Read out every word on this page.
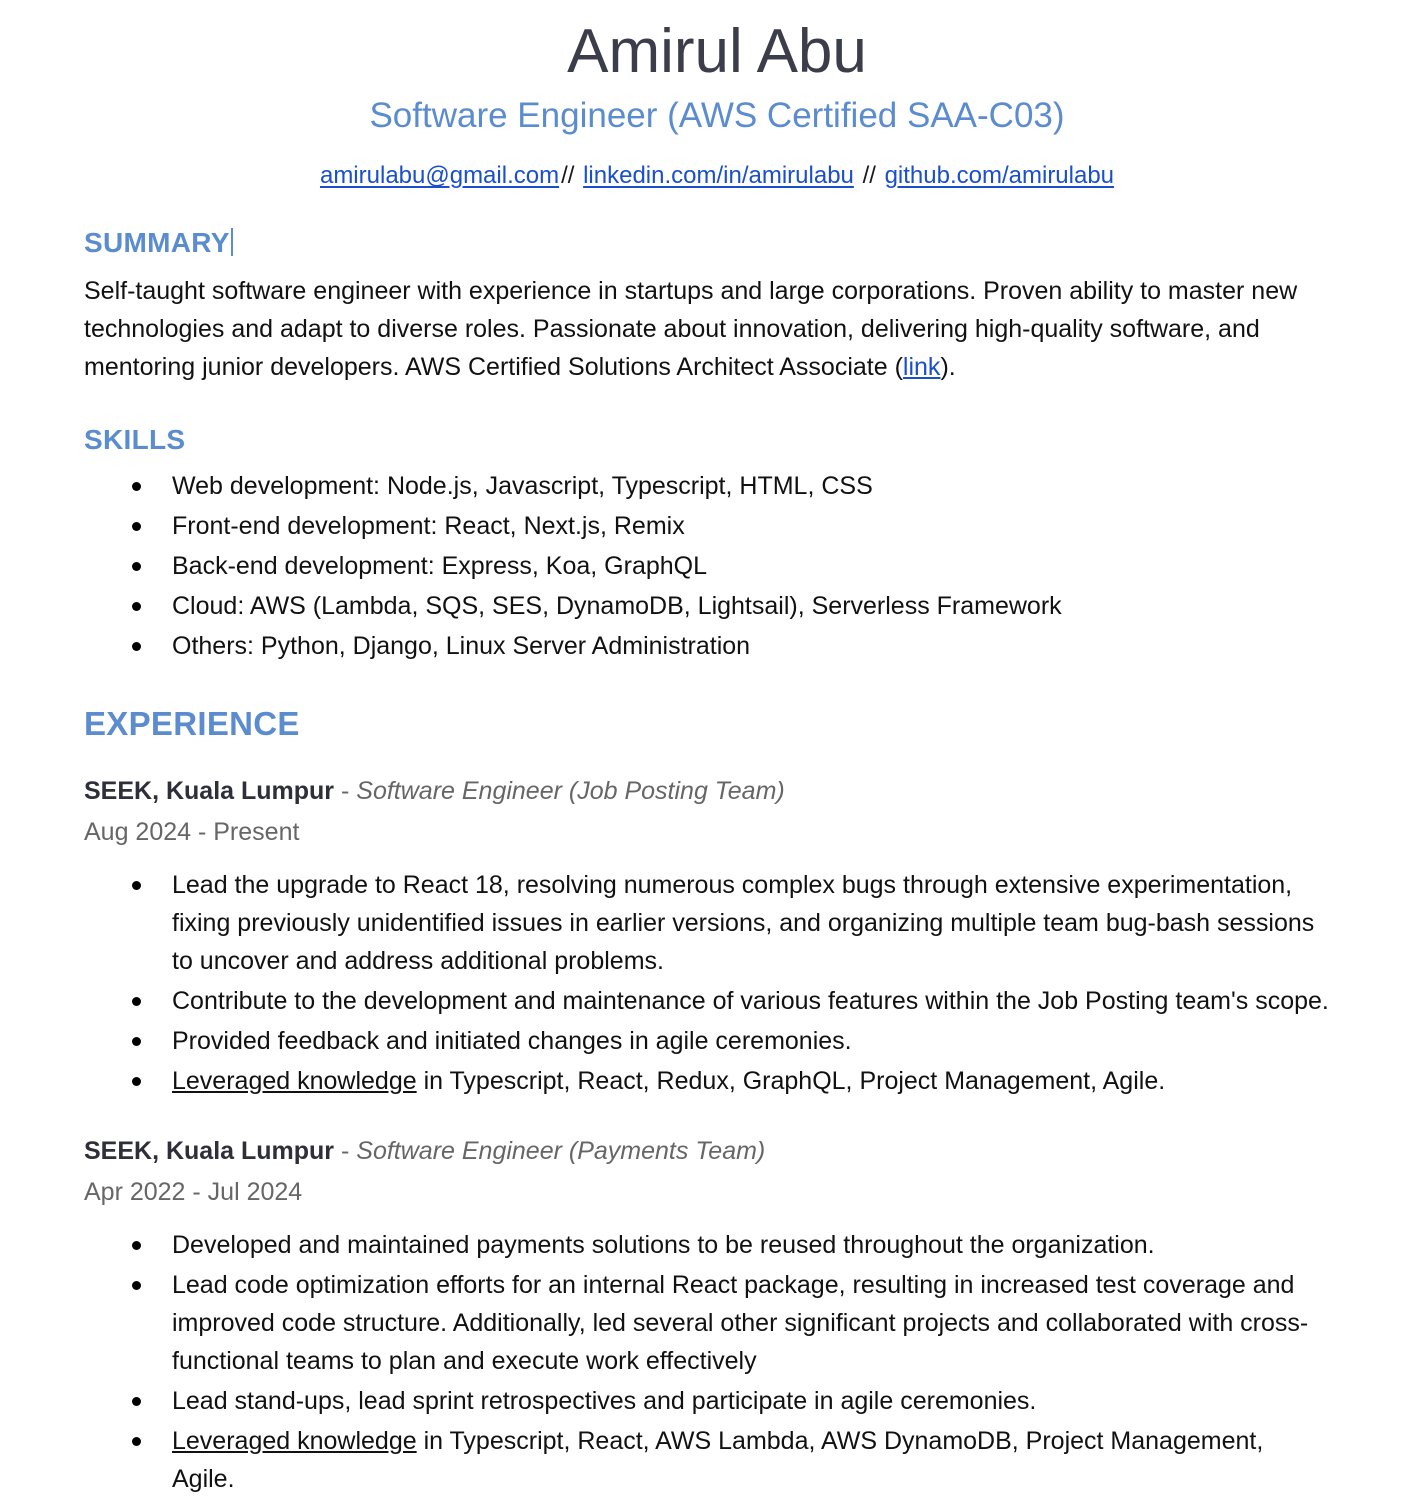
Amirul Abu
Software Engineer (AWS Certified SAA-C03)
amirulabu@gmail.com// linkedin.com/in/amirulabu // github.com/amirulabu
SUMMARY

Self-taught software engineer with experience in startups and large corporations. Proven ability to master new technologies and adapt to diverse roles. Passionate about innovation, delivering high-quality software, and mentoring junior developers. AWS Certified Solutions Architect Associate (link).

SKILLS
Web development: Node.js, Javascript, Typescript, HTML, CSS
Front-end development: React, Next.js, Remix
Back-end development: Express, Koa, GraphQL
Cloud: AWS (Lambda, SQS, SES, DynamoDB, Lightsail), Serverless Framework
Others: Python, Django, Linux Server Administration
EXPERIENCE
SEEK, Kuala Lumpur - Software Engineer (Job Posting Team)
Aug 2024 - Present
Lead the upgrade to React 18, resolving numerous complex bugs through extensive experimentation, fixing previously unidentified issues in earlier versions, and organizing multiple team bug-bash sessions to uncover and address additional problems.
Contribute to the development and maintenance of various features within the Job Posting team's scope.
Provided feedback and initiated changes in agile ceremonies.
Leveraged knowledge in Typescript, React, Redux, GraphQL, Project Management, Agile.
SEEK, Kuala Lumpur - Software Engineer (Payments Team)
Apr 2022 - Jul 2024
Developed and maintained payments solutions to be reused throughout the organization.
Lead code optimization efforts for an internal React package, resulting in increased test coverage and improved code structure. Additionally, led several other significant projects and collaborated with cross-functional teams to plan and execute work effectively
Lead stand-ups, lead sprint retrospectives and participate in agile ceremonies.
Leveraged knowledge in Typescript, React, AWS Lambda, AWS DynamoDB, Project Management, Agile.
